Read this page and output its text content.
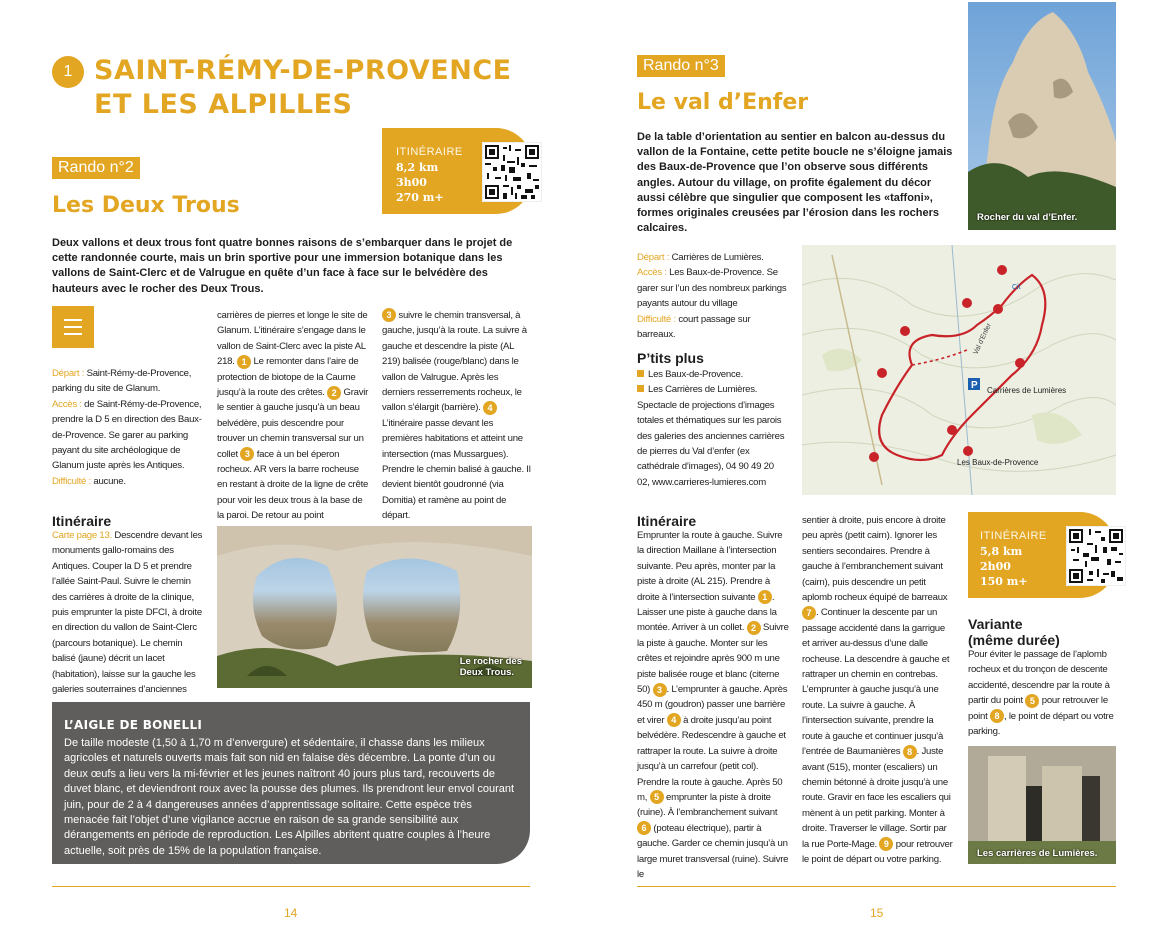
1 SAINT-RÉMY-DE-PROVENCE
ET LES ALPILLES
Rando n°2
Les Deux Trous
ITINÉRAIRE
8,2 km
3h00
270 m+
Deux vallons et deux trous font quatre bonnes raisons de s’embarquer dans le projet de cette randonnée courte, mais un brin sportive pour une immersion botanique dans les vallons de Saint-Clerc et de Valrugue en quête d’un face à face sur le belvédère des hauteurs avec le rocher des Deux Trous.
Départ : Saint-Rémy-de-Provence, parking du site de Glanum.
Accès : de Saint-Rémy-de-Provence, prendre la D 5 en direction des Baux-de-Provence. Se garer au parking payant du site archéologique de Glanum juste après les Antiques.
Difficulté : aucune.
carrières de pierres et longe le site de Glanum. L’itinéraire s’engage dans le vallon de Saint-Clerc avec la piste AL 218. 1 Le remonter dans l’aire de protection de biotope de la Caume jusqu’à la route des crêtes. 2 Gravir le sentier à gauche jusqu’à un beau belvédère, puis descendre pour trouver un chemin transversal sur un collet 3 face à un bel éperon rocheux. AR vers la barre rocheuse en restant à droite de la ligne de crête pour voir les deux trous à la base de la paroi. De retour au point
3 suivre le chemin transversal, à gauche, jusqu’à la route. La suivre à gauche et descendre la piste (AL 219) balisée (rouge/blanc) dans le vallon de Valrugue. Après les derniers resserrements rocheux, le vallon s’élargit (barrière). 4 L’itinéraire passe devant les premières habitations et atteint une intersection (mas Mussargues). Prendre le chemin balisé à gauche. Il devient bientôt goudronné (via Domitia) et ramène au point de départ.
Itinéraire
Carte page 13. Descendre devant les monuments gallo-romains des Antiques. Couper la D 5 et prendre l’allée Saint-Paul. Suivre le chemin des carrières à droite de la clinique, puis emprunter la piste DFCI, à droite en direction du vallon de Saint-Clerc (parcours botanique). Le chemin balisé (jaune) décrit un lacet (habitation), laisse sur la gauche les galeries souterraines d’anciennes
Le rocher des
Deux Trous.
L’AIGLE DE BONELLI
De taille modeste (1,50 à 1,70 m d’envergure) et sédentaire, il chasse dans les milieux agricoles et naturels ouverts mais fait son nid en falaise dès décembre. La ponte d’un ou deux œufs a lieu vers la mi-février et les jeunes naîtront 40 jours plus tard, recouverts de duvet blanc, et deviendront roux avec la pousse des plumes. Ils prendront leur envol courant juin, pour de 2 à 4 dangereuses années d’apprentissage solitaire. Cette espèce très menacée fait l’objet d’une vigilance accrue en raison de sa grande sensibilité aux dérangements en période de reproduction. Les Alpilles abritent quatre couples à l’heure actuelle, soit près de 15% de la population française.
14
Rando n°3
Le val d’Enfer
De la table d’orientation au sentier en balcon au-dessus du vallon de la Fontaine, cette petite boucle ne s’éloigne jamais des Baux-de-Provence que l’on observe sous différents angles. Autour du village, on profite également du décor aussi célèbre que singulier que composent les «taffoni», formes originales creusées par l’érosion dans les rochers calcaires.
Rocher du val d’Enfer.
Départ : Carrières de Lumières.
Accès : Les Baux-de-Provence. Se garer sur l’un des nombreux parkings payants autour du village
Difficulté : court passage sur barreaux.
P’tits plus
Les Baux-de-Provence.
Les Carrières de Lumières. Spectacle de projections d’images totales et thématiques sur les parois des galeries des anciennes carrières de pierres du Val d’enfer (ex cathédrale d’images), 04 90 49 20 02, www.carrieres-lumieres.com
P Carrières de Lumières
Les Baux-de-Provence
Val d’Enfer
Cit
Itinéraire
Emprunter la route à gauche. Suivre la direction Maillane à l’intersection suivante. Peu après, monter par la piste à droite (AL 215). Prendre à droite à l’intersection suivante 1 . Laisser une piste à gauche dans la montée. Arriver à un collet. 2 Suivre la piste à gauche. Monter sur les crêtes et rejoindre après 900 m une piste balisée rouge et blanc (citerne 50) 3 . L’emprunter à gauche. Après 450 m (goudron) passer une barrière et virer 4 à droite jusqu’au point belvédère. Redescendre à gauche et rattraper la route. La suivre à droite jusqu’à un carrefour (petit col). Prendre la route à gauche. Après 50 m, 5 emprunter la piste à droite (ruine). À l’embranchement suivant 6 (poteau électrique), partir à gauche. Garder ce chemin jusqu’à un large muret transversal (ruine). Suivre le
sentier à droite, puis encore à droite peu après (petit cairn). Ignorer les sentiers secondaires. Prendre à gauche à l’embranchement suivant (cairn), puis descendre un petit aplomb rocheux équipé de barreaux 7 . Continuer la descente par un passage accidenté dans la garrigue et arriver au-dessus d’une dalle rocheuse. La descendre à gauche et rattraper un chemin en contrebas. L’emprunter à gauche jusqu’à une route. La suivre à gauche. À l’intersection suivante, prendre la route à gauche et continuer jusqu’à l’entrée de Baumanières 8 . Juste avant (515), monter (escaliers) un chemin bétonné à droite jusqu’à une route. Gravir en face les escaliers qui mènent à un petit parking. Monter à droite. Traverser le village. Sortir par la rue Porte-Mage. 9 pour retrouver le point de départ ou votre parking.
ITINÉRAIRE
5,8 km
2h00
150 m+
Variante
(même durée)
Pour éviter le passage de l’aplomb rocheux et du tronçon de descente accidenté, descendre par la route à partir du point 5 pour retrouver le point 8 , le point de départ ou votre parking.
Les carrières de Lumières.
15
